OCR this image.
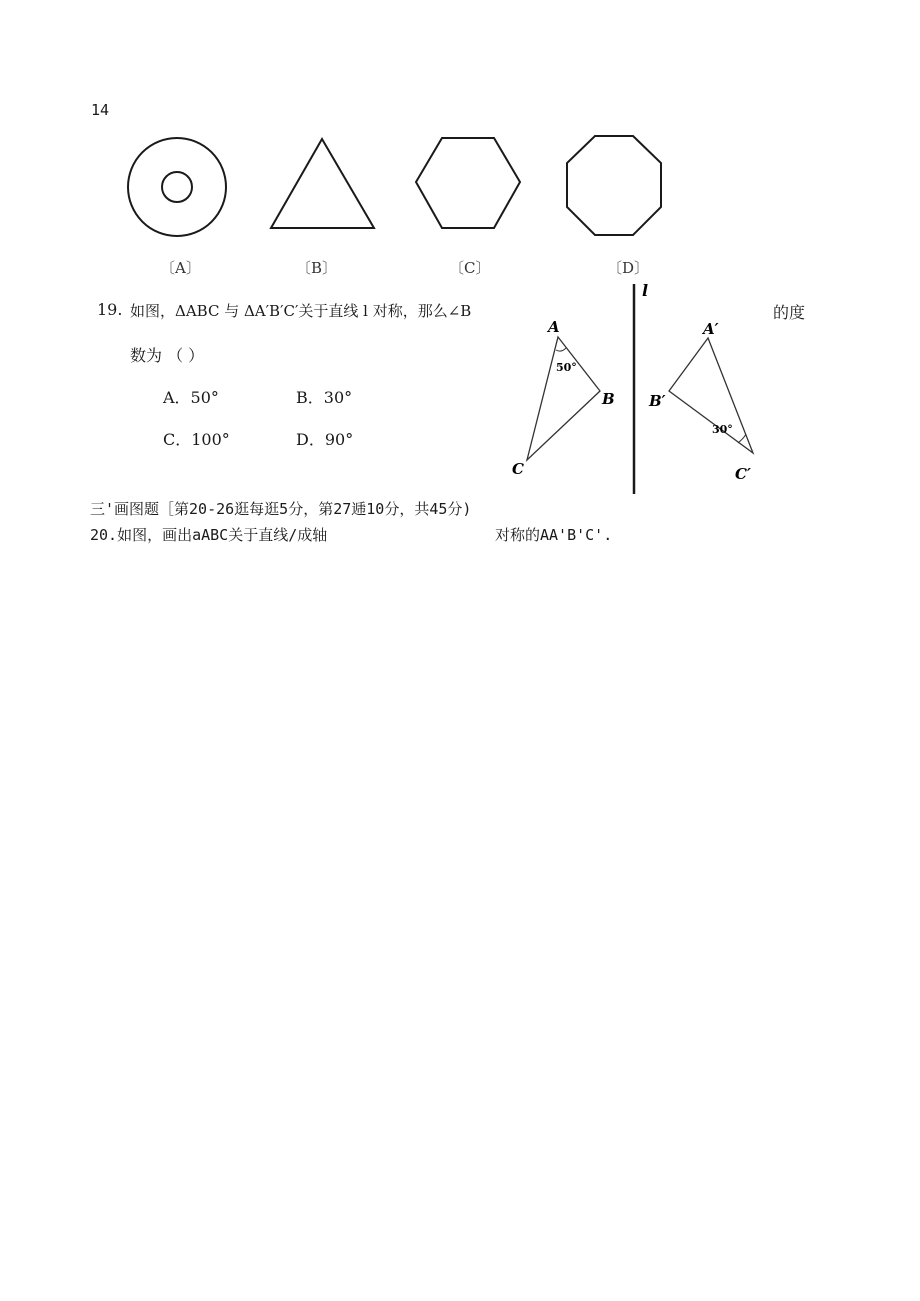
14
〔A〕	〔B〕	〔C〕	〔D〕
19. 如图，ΔABC 与 ΔA′B′C′关于直线 l 对称，那么∠B	的度
数为 （ ）
A．50°	B．30°
C．100°	D．90°
l
A
B
C
50°
A′
B′
C′
30°
三'画图题［第20-26逛每逛5分，第27逓10分，共45分)
20.如图，画出aABC关于直线/成轴	对称的AA'B'C'.
